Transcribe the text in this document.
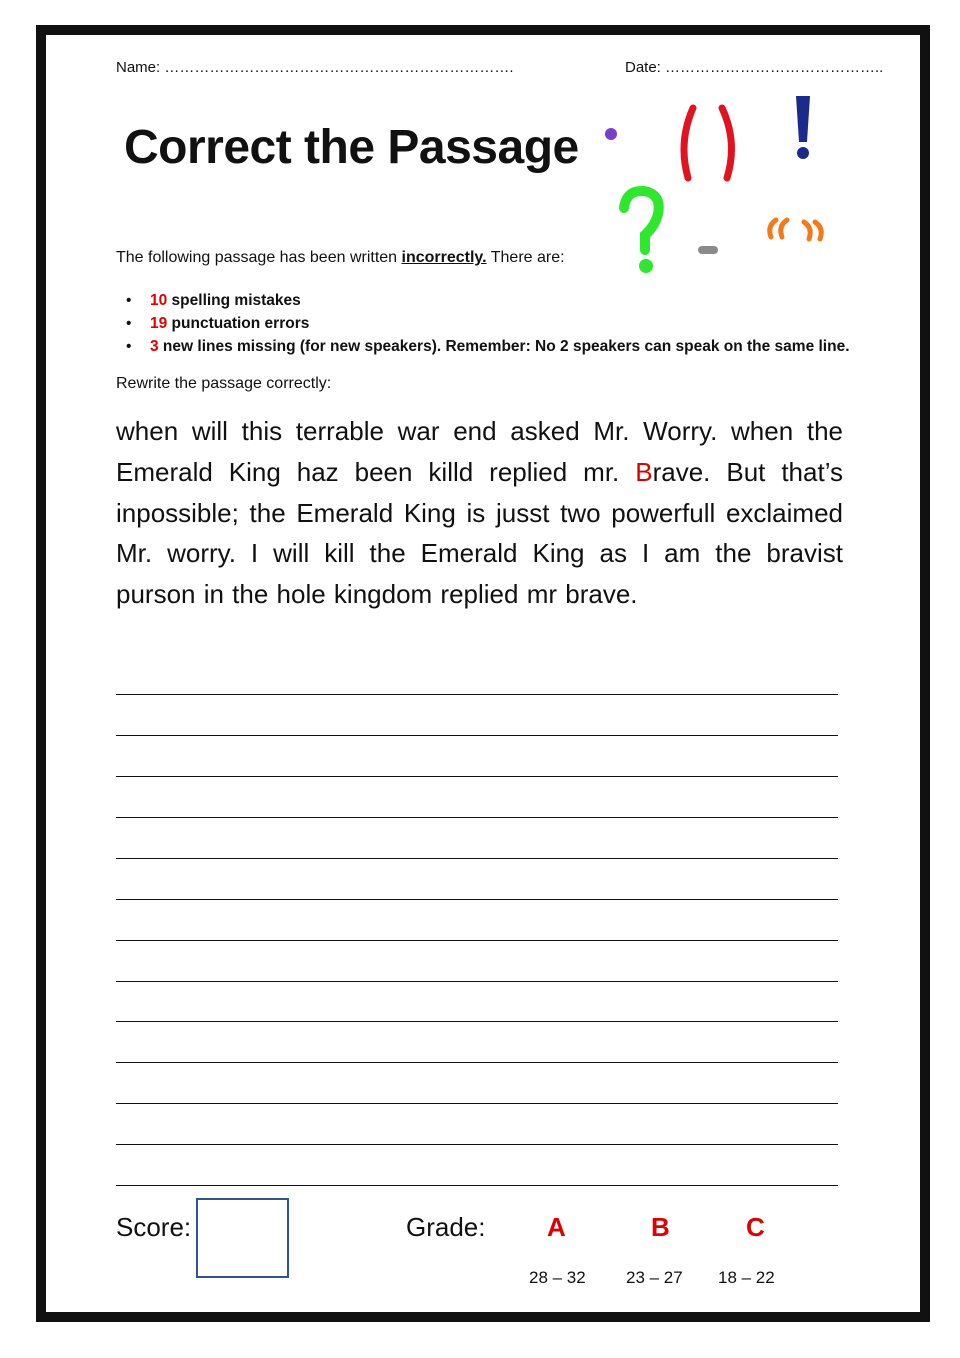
Name: …………………………………………………………….	Date: ……………………………………..
Correct the Passage
The following passage has been written incorrectly. There are:
• 10 spelling mistakes
• 19 punctuation errors
• 3 new lines missing (for new speakers). Remember: No 2 speakers can speak on the same line.
Rewrite the passage correctly:
when will this terrable war end asked Mr. Worry. when the Emerald King haz been killd replied mr. Brave. But that’s inpossible; the Emerald King is jusst two powerfull exclaimed Mr. worry. I will kill the Emerald King as I am the bravist purson in the hole kingdom replied mr brave.
Score:	Grade: A	B	C
28 – 32 23 – 27 18 – 22
